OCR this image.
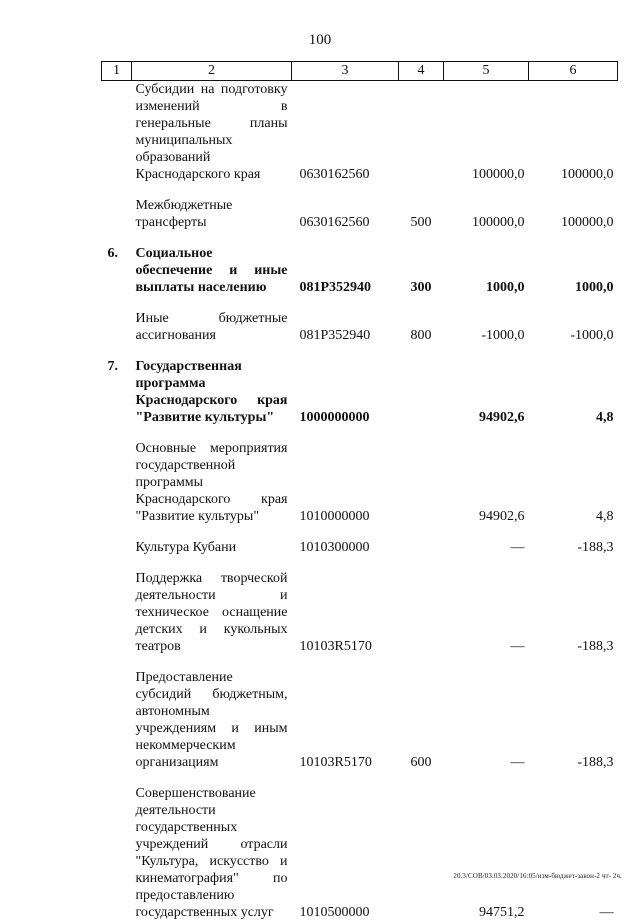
100
1	2	3	4	5	6
	Субсидии на подготовку изменений в генеральные планы муниципальных образований Краснодарского края	0630162560		100000,0	100000,0

	Межбюджетные трансферты	0630162560	500	100000,0	100000,0

6.	Социальное обеспечение и иные выплаты населению	081P352940	300	1000,0	1000,0

	Иные бюджетные ассигнования	081P352940	800	-1000,0	-1000,0

7.	Государственная программа Краснодарского края "Развитие культуры"	1000000000		94902,6	4,8

	Основные мероприятия государственной программы Краснодарского края "Развитие культуры"	1010000000		94902,6	4,8

	Культура Кубани	1010300000		—	-188,3

	Поддержка творческой деятельности и техническое оснащение детских и кукольных театров	10103R5170		—	-188,3

	Предоставление субсидий бюджетным, автономным учреждениям и иным некоммерческим организациям	10103R5170	600	—	-188,3

	Совершенствование деятельности государственных учреждений отрасли "Культура, искусство и кинематография" по предоставлению государственных услуг	1010500000		94751,2	—
20.3/СОВ/03.03.2020/16:05/изм-бюджет-закон-2 чт- 2ч.
